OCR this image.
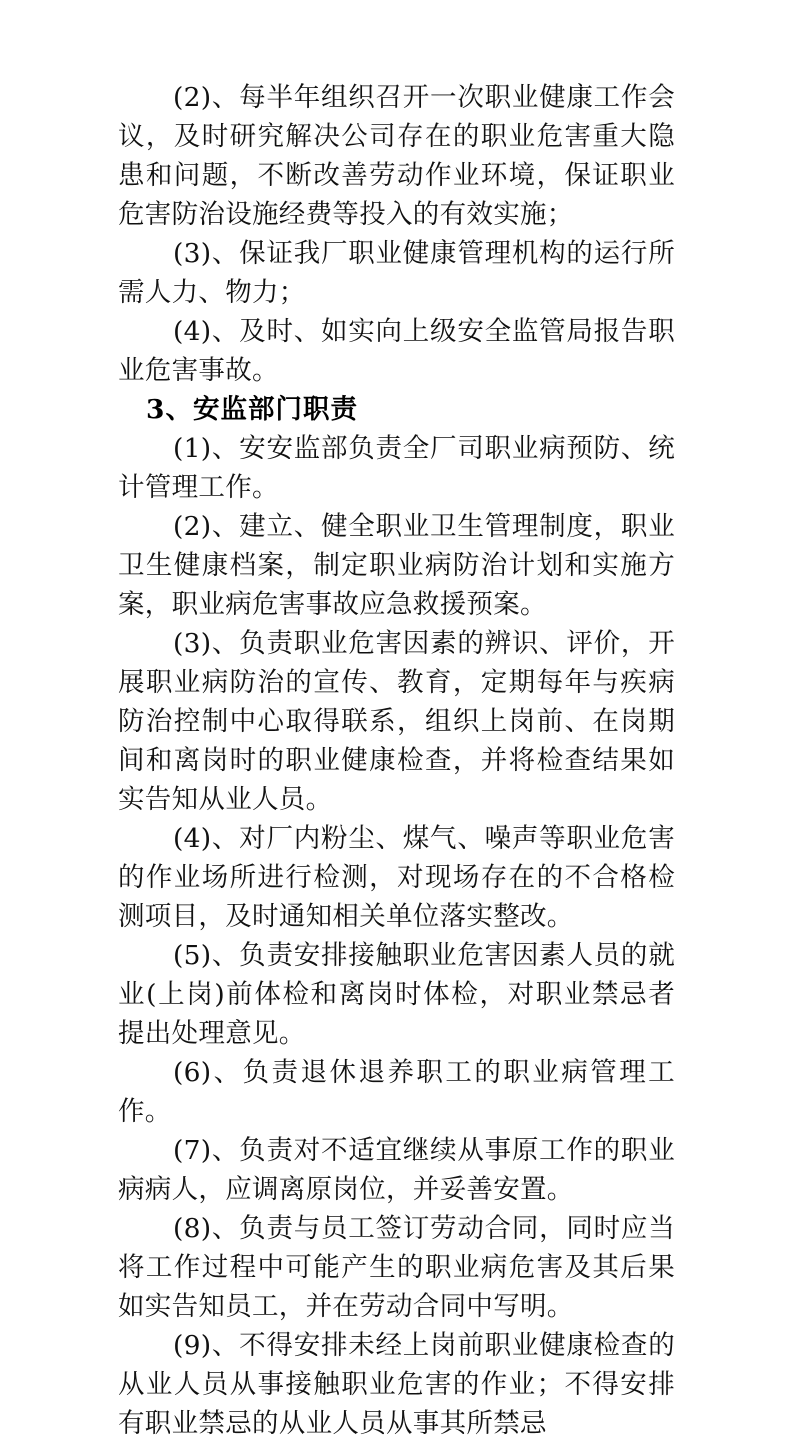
(2)、每半年组织召开一次职业健康工作会议，及时研究解决公司存在的职业危害重大隐患和问题，不断改善劳动作业环境，保证职业危害防治设施经费等投入的有效实施；

(3)、保证我厂职业健康管理机构的运行所需人力、物力；

(4)、及时、如实向上级安全监管局报告职业危害事故。

3、安监部门职责

(1)、安安监部负责全厂司职业病预防、统计管理工作。

(2)、建立、健全职业卫生管理制度，职业卫生健康档案，制定职业病防治计划和实施方案，职业病危害事故应急救援预案。

(3)、负责职业危害因素的辨识、评价，开展职业病防治的宣传、教育，定期每年与疾病防治控制中心取得联系，组织上岗前、在岗期间和离岗时的职业健康检查，并将检查结果如实告知从业人员。

(4)、对厂内粉尘、煤气、噪声等职业危害的作业场所进行检测，对现场存在的不合格检测项目，及时通知相关单位落实整改。

(5)、负责安排接触职业危害因素人员的就业(上岗)前体检和离岗时体检，对职业禁忌者提出处理意见。

(6)、负责退休退养职工的职业病管理工作。

(7)、负责对不适宜继续从事原工作的职业病病人，应调离原岗位，并妥善安置。

(8)、负责与员工签订劳动合同，同时应当将工作过程中可能产生的职业病危害及其后果如实告知员工，并在劳动合同中写明。

(9)、不得安排未经上岗前职业健康检查的从业人员从事接触职业危害的作业；不得安排有职业禁忌的从业人员从事其所禁忌
